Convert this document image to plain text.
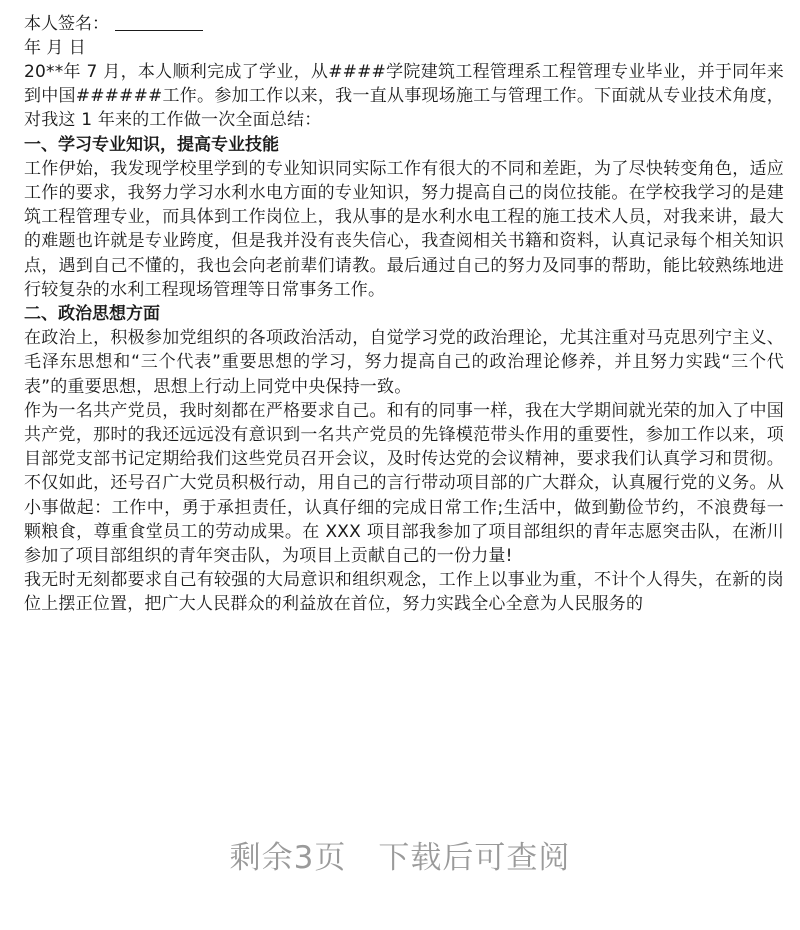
本人签名：
年 月 日

20**年 7 月，本人顺利完成了学业，从####学院建筑工程管理系工程管理专业毕业，并于同年来到中国######工作。参加工作以来，我一直从事现场施工与管理工作。下面就从专业技术角度，对我这 1 年来的工作做一次全面总结：

一、学习专业知识，提高专业技能

工作伊始，我发现学校里学到的专业知识同实际工作有很大的不同和差距，为了尽快转变角色，适应工作的要求，我努力学习水利水电方面的专业知识，努力提高自己的岗位技能。在学校我学习的是建筑工程管理专业，而具体到工作岗位上，我从事的是水利水电工程的施工技术人员，对我来讲，最大的难题也许就是专业跨度，但是我并没有丧失信心，我查阅相关书籍和资料，认真记录每个相关知识点，遇到自己不懂的，我也会向老前辈们请教。最后通过自己的努力及同事的帮助，能比较熟练地进行较复杂的水利工程现场管理等日常事务工作。

二、政治思想方面

在政治上，积极参加党组织的各项政治活动，自觉学习党的政治理论，尤其注重对马克思列宁主义、毛泽东思想和“三个代表”重要思想的学习，努力提高自己的政治理论修养，并且努力实践“三个代表”的重要思想，思想上行动上同党中央保持一致。

作为一名共产党员，我时刻都在严格要求自己。和有的同事一样，我在大学期间就光荣的加入了中国共产党，那时的我还远远没有意识到一名共产党员的先锋模范带头作用的重要性，参加工作以来，项目部党支部书记定期给我们这些党员召开会议，及时传达党的会议精神，要求我们认真学习和贯彻。不仅如此，还号召广大党员积极行动，用自己的言行带动项目部的广大群众，认真履行党的义务。从小事做起：工作中，勇于承担责任，认真仔细的完成日常工作;生活中，做到勤俭节约，不浪费每一颗粮食，尊重食堂员工的劳动成果。在 XXX 项目部我参加了项目部组织的青年志愿突击队，在淅川参加了项目部组织的青年突击队，为项目上贡献自己的一份力量!

我无时无刻都要求自己有较强的大局意识和组织观念，工作上以事业为重，不计个人得失，在新的岗位上摆正位置，把广大人民群众的利益放在首位，努力实践全心全意为人民服务的

剩余3页 下载后可查阅
